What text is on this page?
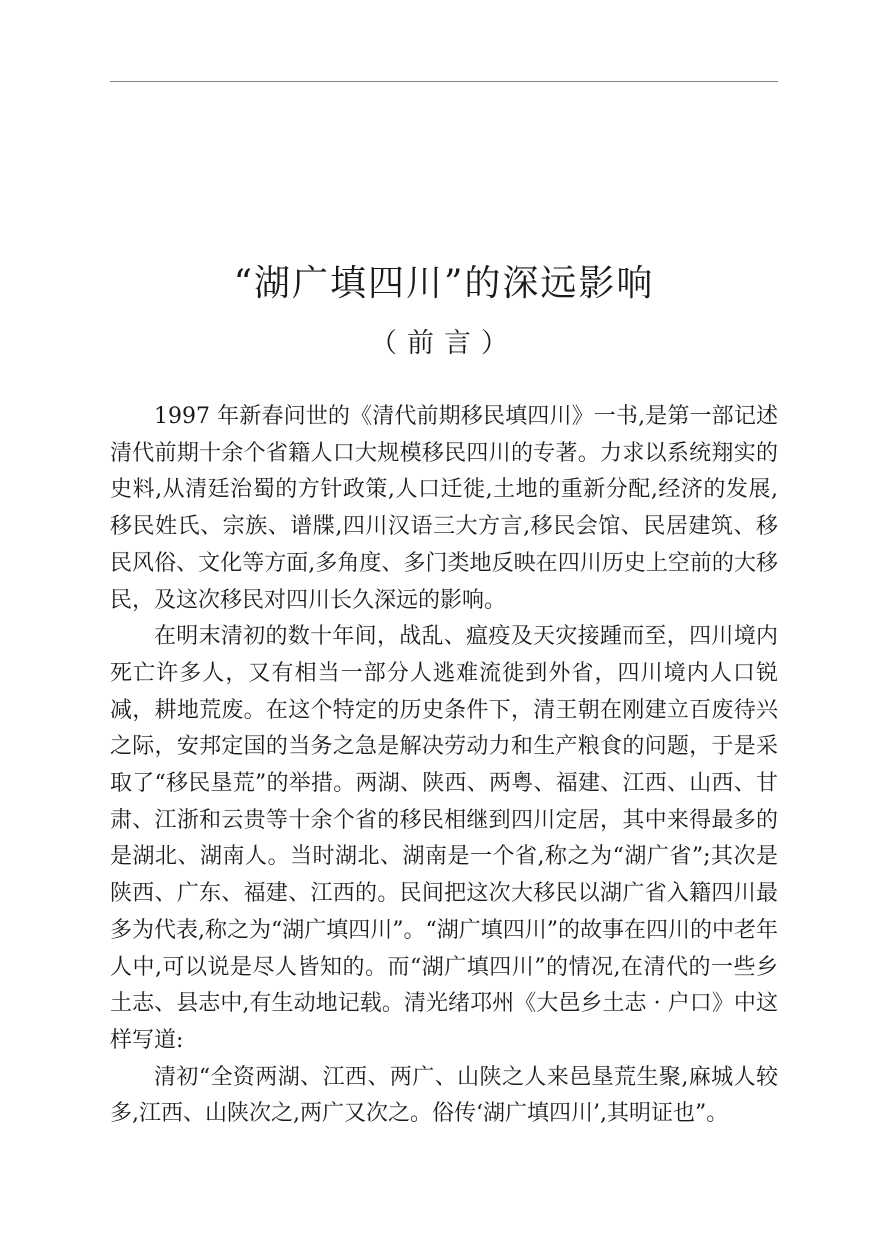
“湖广填四川”的深远影响
（前言）

1997 年新春问世的《清代前期移民填四川》一书,是第一部记述清代前期十余个省籍人口大规模移民四川的专著。力求以系统翔实的史料,从清廷治蜀的方针政策,人口迁徙,土地的重新分配,经济的发展,移民姓氏、宗族、谱牒,四川汉语三大方言,移民会馆、民居建筑、移民风俗、文化等方面,多角度、多门类地反映在四川历史上空前的大移民，及这次移民对四川长久深远的影响。

在明末清初的数十年间，战乱、瘟疫及天灾接踵而至，四川境内死亡许多人，又有相当一部分人逃难流徙到外省，四川境内人口锐减，耕地荒废。在这个特定的历史条件下，清王朝在刚建立百废待兴之际，安邦定国的当务之急是解决劳动力和生产粮食的问题，于是采取了“移民垦荒”的举措。两湖、陕西、两粤、福建、江西、山西、甘肃、江浙和云贵等十余个省的移民相继到四川定居，其中来得最多的是湖北、湖南人。当时湖北、湖南是一个省,称之为“湖广省”;其次是陕西、广东、福建、江西的。民间把这次大移民以湖广省入籍四川最多为代表,称之为“湖广填四川”。“湖广填四川”的故事在四川的中老年人中,可以说是尽人皆知的。而“湖广填四川”的情况,在清代的一些乡土志、县志中,有生动地记载。清光绪邛州《大邑乡土志 · 户口》中这样写道:

清初“全资两湖、江西、两广、山陕之人来邑垦荒生聚,麻城人较多,江西、山陕次之,两广又次之。俗传‘湖广填四川’,其明证也”。
